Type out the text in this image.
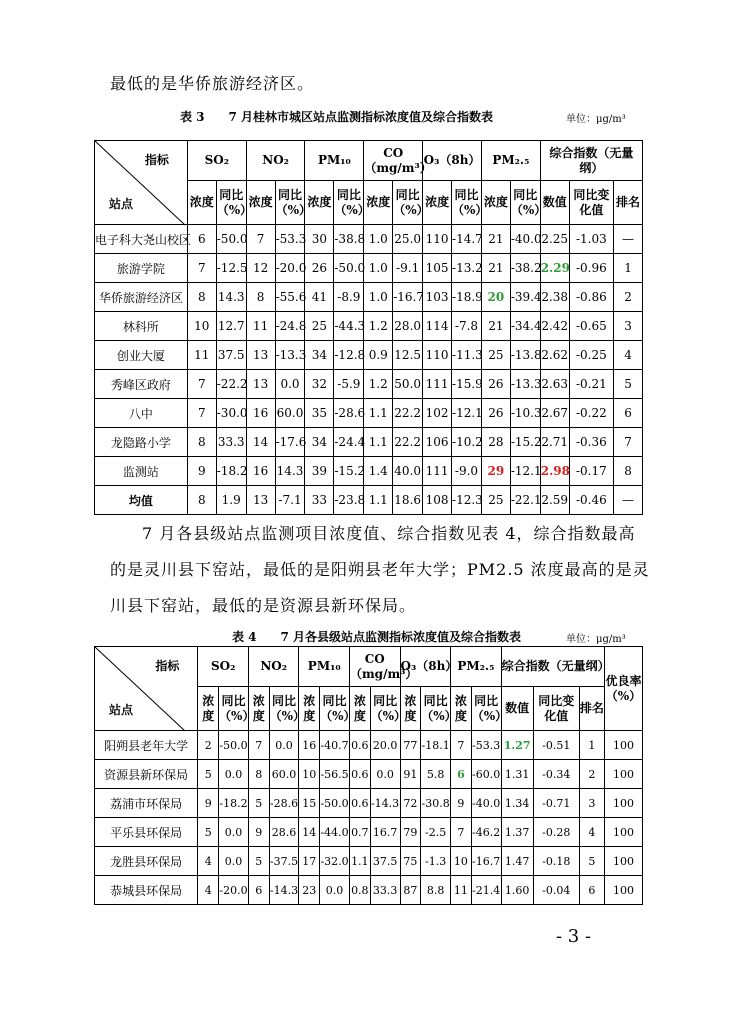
最低的是华侨旅游经济区。
表 3　　7 月桂林市城区站点监测指标浓度值及综合指数表	单位：μg/m³
指标
站点	SO₂		NO₂		PM₁₀		CO（mg/m³）		O₃（8h）		PM₂.₅		综合指数（无量纲）		
	浓度	同比（%）	浓度	同比（%）	浓度	同比（%）	浓度	同比（%）	浓度	同比（%）	浓度	同比（%）	数值	同比变化值	排名
电子科大尧山校区	6	-50.0	7	-53.3	30	-38.8	1.0	25.0	110	-14.7	21	-40.0	2.25	-1.03	—
旅游学院	7	-12.5	12	-20.0	26	-50.0	1.0	-9.1	105	-13.2	21	-38.2	2.29	-0.96	1
华侨旅游经济区	8	14.3	8	-55.6	41	-8.9	1.0	-16.7	103	-18.9	20	-39.4	2.38	-0.86	2
林科所	10	12.7	11	-24.8	25	-44.3	1.2	28.0	114	-7.8	21	-34.4	2.42	-0.65	3
创业大厦	11	37.5	13	-13.3	34	-12.8	0.9	12.5	110	-11.3	25	-13.8	2.62	-0.25	4
秀峰区政府	7	-22.2	13	0.0	32	-5.9	1.2	50.0	111	-15.9	26	-13.3	2.63	-0.21	5
八中	7	-30.0	16	60.0	35	-28.6	1.1	22.2	102	-12.1	26	-10.3	2.67	-0.22	6
龙隐路小学	8	33.3	14	-17.6	34	-24.4	1.1	22.2	106	-10.2	28	-15.2	2.71	-0.36	7
监测站	9	-18.2	16	14.3	39	-15.2	1.4	40.0	111	-9.0	29	-12.1	2.98	-0.17	8
均值	8	1.9	13	-7.1	33	-23.8	1.1	18.6	108	-12.3	25	-22.1	2.59	-0.46	—
7 月各县级站点监测项目浓度值、综合指数见表 4，综合指数最高的是灵川县下窑站，最低的是阳朔县老年大学；PM2.5 浓度最高的是灵川县下窑站，最低的是资源县新环保局。
表 4　　7 月各县级站点监测指标浓度值及综合指数表	单位：μg/m³
指标
站点	SO₂		NO₂		PM₁₀		CO（mg/m³）		O₃（8h）		PM₂.₅		综合指数（无量纲）			优良率（%）
	浓度	同比（%）	浓度	同比（%）	浓度	同比（%）	浓度	同比（%）	浓度	同比（%）	浓度	同比（%）	数值	同比变化值	排名	
阳朔县老年大学	2	-50.0	7	0.0	16	-40.7	0.6	20.0	77	-18.1	7	-53.3	1.27	-0.51	1	100
资源县新环保局	5	0.0	8	60.0	10	-56.5	0.6	0.0	91	5.8	6	-60.0	1.31	-0.34	2	100
荔浦市环保局	9	-18.2	5	-28.6	15	-50.0	0.6	-14.3	72	-30.8	9	-40.0	1.34	-0.71	3	100
平乐县环保局	5	0.0	9	28.6	14	-44.0	0.7	16.7	79	-2.5	7	-46.2	1.37	-0.28	4	100
龙胜县环保局	4	0.0	5	-37.5	17	-32.0	1.1	37.5	75	-1.3	10	-16.7	1.47	-0.18	5	100
恭城县环保局	4	-20.0	6	-14.3	23	0.0	0.8	33.3	87	8.8	11	-21.4	1.60	-0.04	6	100
- 3 -
